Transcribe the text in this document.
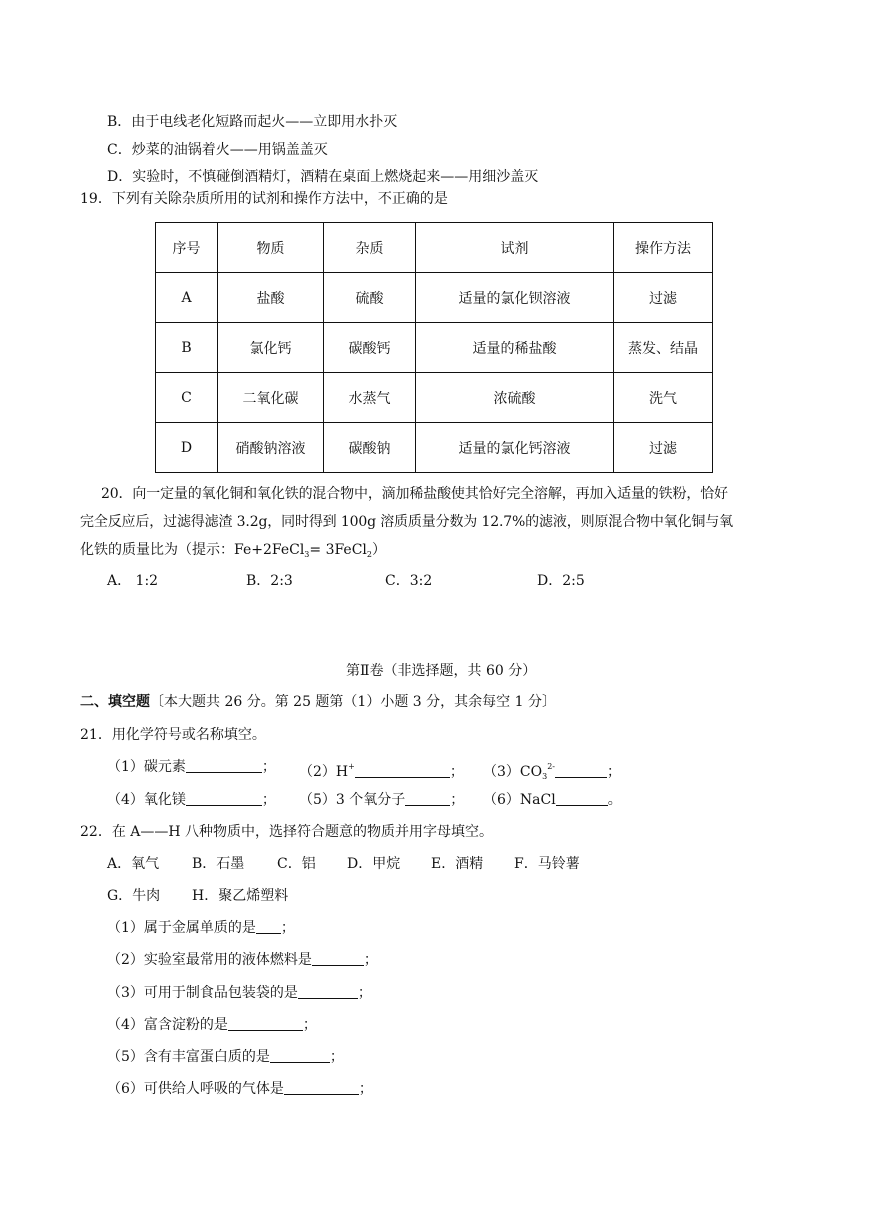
B．由于电线老化短路而起火——立即用水扑灭
C．炒菜的油锅着火——用锅盖盖灭
D．实验时，不慎碰倒酒精灯，酒精在桌面上燃烧起来——用细沙盖灭
19．下列有关除杂质所用的试剂和操作方法中，不正确的是
序号	物质	杂质	试剂	操作方法
A	盐酸	硫酸	适量的氯化钡溶液	过滤
B	氯化钙	碳酸钙	适量的稀盐酸	蒸发、结晶
C	二氧化碳	水蒸气	浓硫酸	洗气
D	硝酸钠溶液	碳酸钠	适量的氯化钙溶液	过滤
20．向一定量的氧化铜和氧化铁的混合物中，滴加稀盐酸使其恰好完全溶解，再加入适量的铁粉，恰好
完全反应后，过滤得滤渣 3.2g，同时得到 100g 溶质质量分数为 12.7%的滤液，则原混合物中氧化铜与氧
化铁的质量比为（提示：Fe+2FeCl$_3$= 3FeCl$_2$）
A． 1:2	B．2:3	C．3:2	D．2:5
第Ⅱ卷（非选择题，共 60 分）
二、填空题〔本大题共 26 分。第 25 题第（1）小题 3 分，其余每空 1 分〕
21．用化学符号或名称填空。
（1）碳元素	； （2）H+	； $(3)CO_3^{2-}$	；
（4）氧化镁	； （5）3 个氧分子	； （6）NaCl	。
22．在 A——H 八种物质中，选择符合题意的物质并用字母填空。
A．氧气 B．石墨 C．铝 D．甲烷 E．酒精 F．马铃薯
G．牛肉 H．聚乙烯塑料
（1）属于金属单质的是 ；
（2）实验室最常用的液体燃料是	；
（3）可用于制食品包装袋的是	；
（4）富含淀粉的是	；
（5）含有丰富蛋白质的是	；
（6）可供给人呼吸的气体是	；
